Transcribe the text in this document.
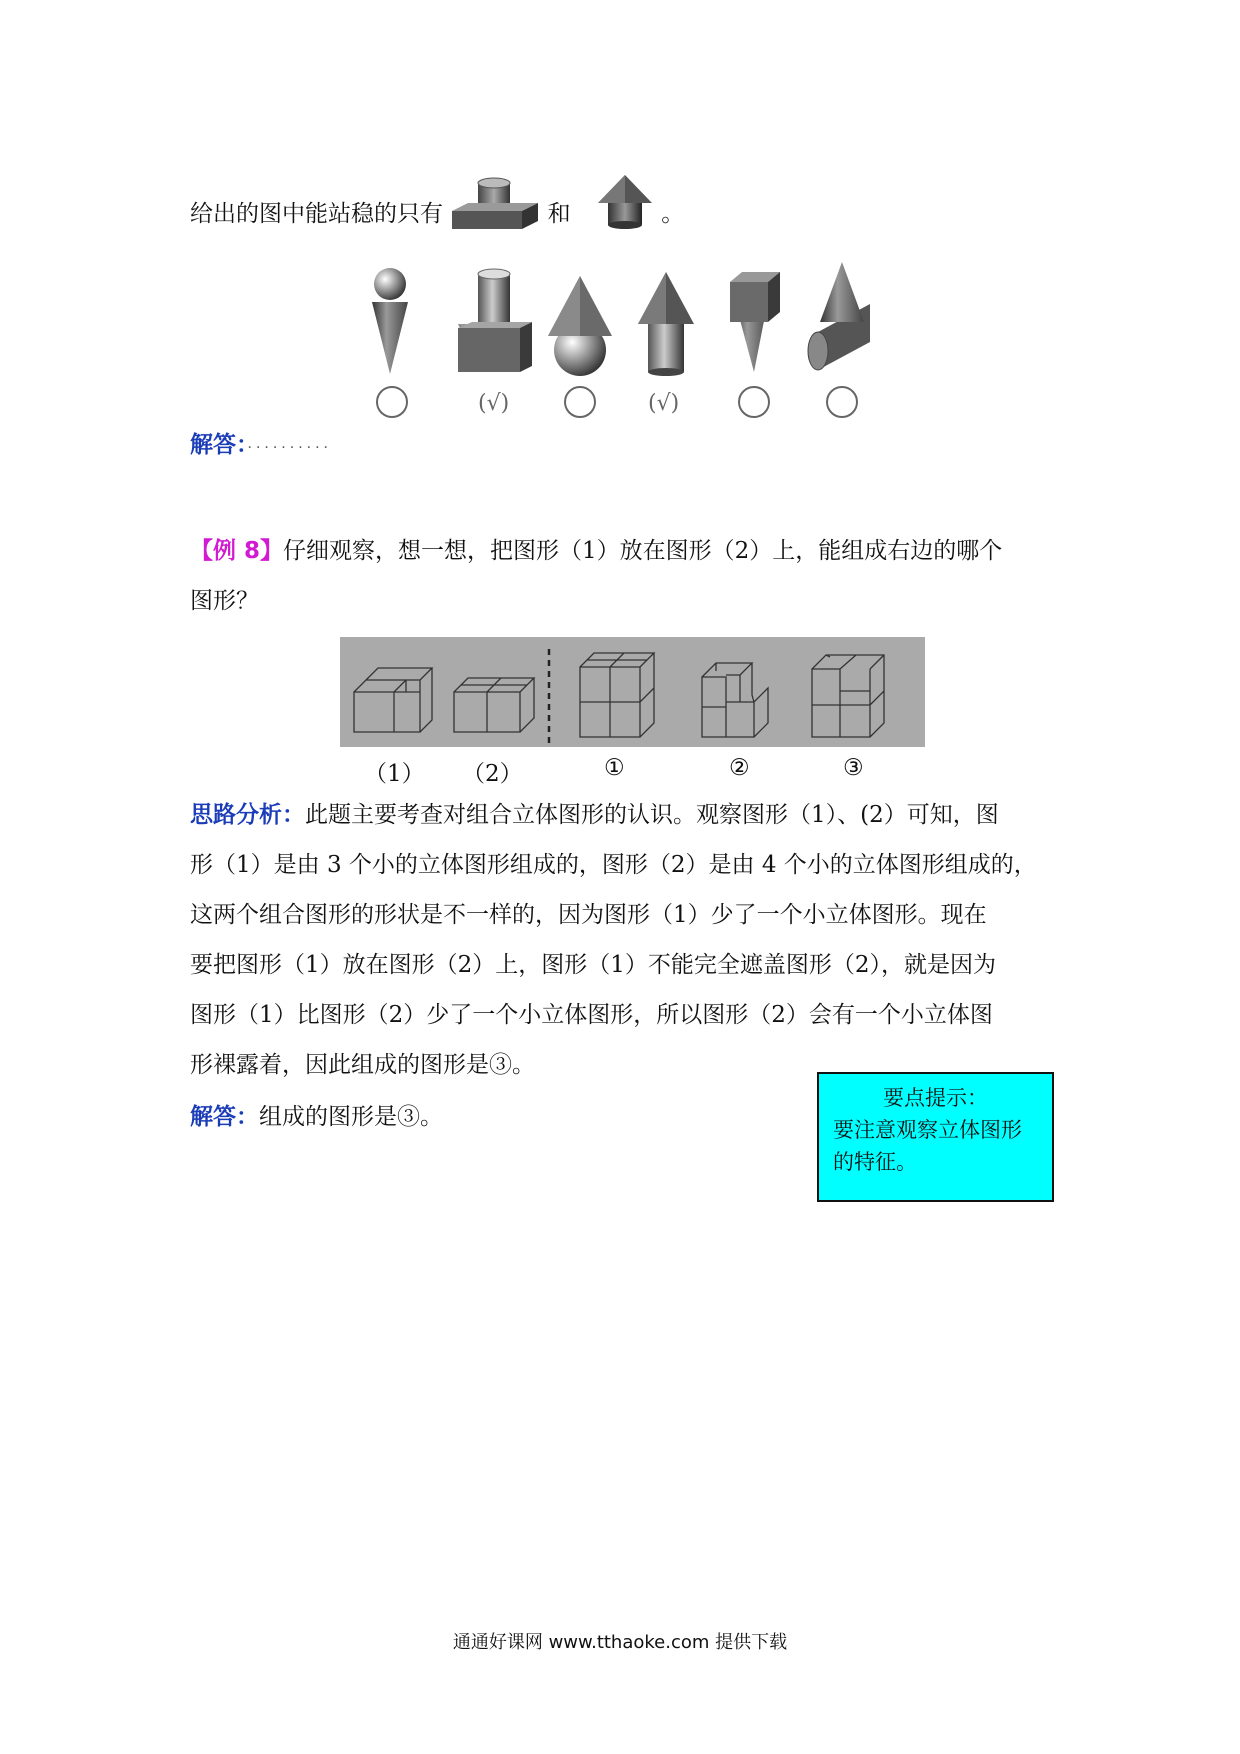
给出的图中能站稳的只有	和	。
(√)	(√)
解答：··········
【例 8】仔细观察，想一想，把图形（1）放在图形（2）上，能组成右边的哪个
图形？
（1） （2）	①	②	③
思路分析：此题主要考查对组合立体图形的认识。观察图形（1）、(2）可知，图
形（1）是由 3 个小的立体图形组成的，图形（2）是由 4 个小的立体图形组成的，
这两个组合图形的形状是不一样的，因为图形（1）少了一个小立体图形。现在
要把图形（1）放在图形（2）上，图形（1）不能完全遮盖图形（2），就是因为
图形（1）比图形（2）少了一个小立体图形，所以图形（2）会有一个小立体图
形裸露着，因此组成的图形是③。
解答：组成的图形是③。
要点提示：
要注意观察立体图形
的特征。
通通好课网 www.tthaoke.com 提供下载
